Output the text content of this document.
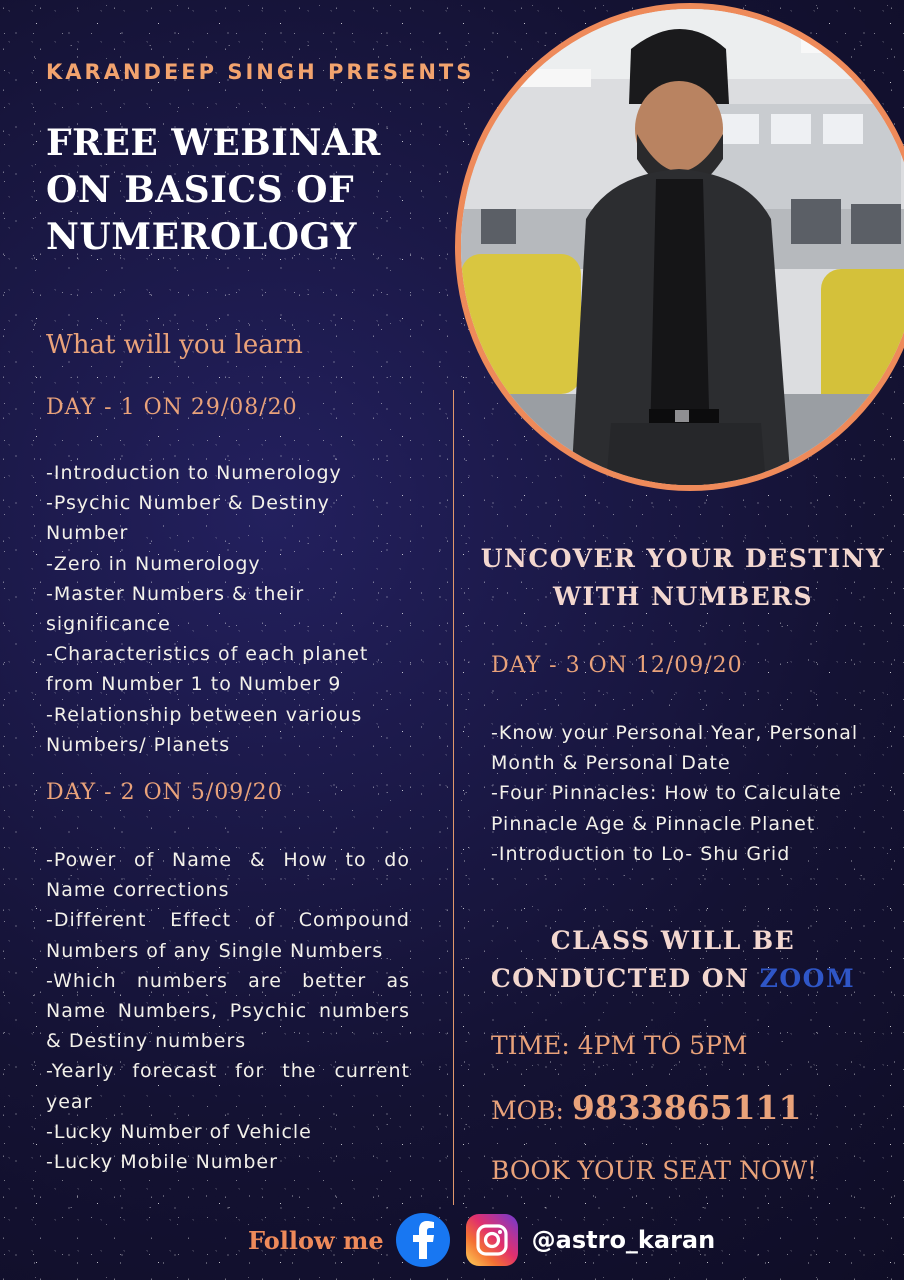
KARANDEEP SINGH PRESENTS
FREE WEBINAR
ON BASICS OF
NUMEROLOGY
What will you learn
DAY - 1 ON 29/08/20
-Introduction to Numerology
-Psychic Number & Destiny Number
-Zero in Numerology
-Master Numbers & their significance
-Characteristics of each planet from Number 1 to Number 9
-Relationship between various Numbers/ Planets
DAY - 2 ON 5/09/20
-Power of Name & How to do Name corrections
-Different Effect of Compound Numbers of any Single Numbers
-Which numbers are better as Name Numbers, Psychic numbers & Destiny numbers
-Yearly forecast for the current year
-Lucky Number of Vehicle
-Lucky Mobile Number
UNCOVER YOUR DESTINY
WITH NUMBERS
DAY - 3 ON 12/09/20
-Know your Personal Year, Personal Month & Personal Date
-Four Pinnacles: How to Calculate Pinnacle Age & Pinnacle Planet
-Introduction to Lo- Shu Grid
CLASS WILL BE
CONDUCTED ON ZOOM
TIME: 4PM TO 5PM
MOB: 9833865111
BOOK YOUR SEAT NOW!
Follow me	@astro_karan
